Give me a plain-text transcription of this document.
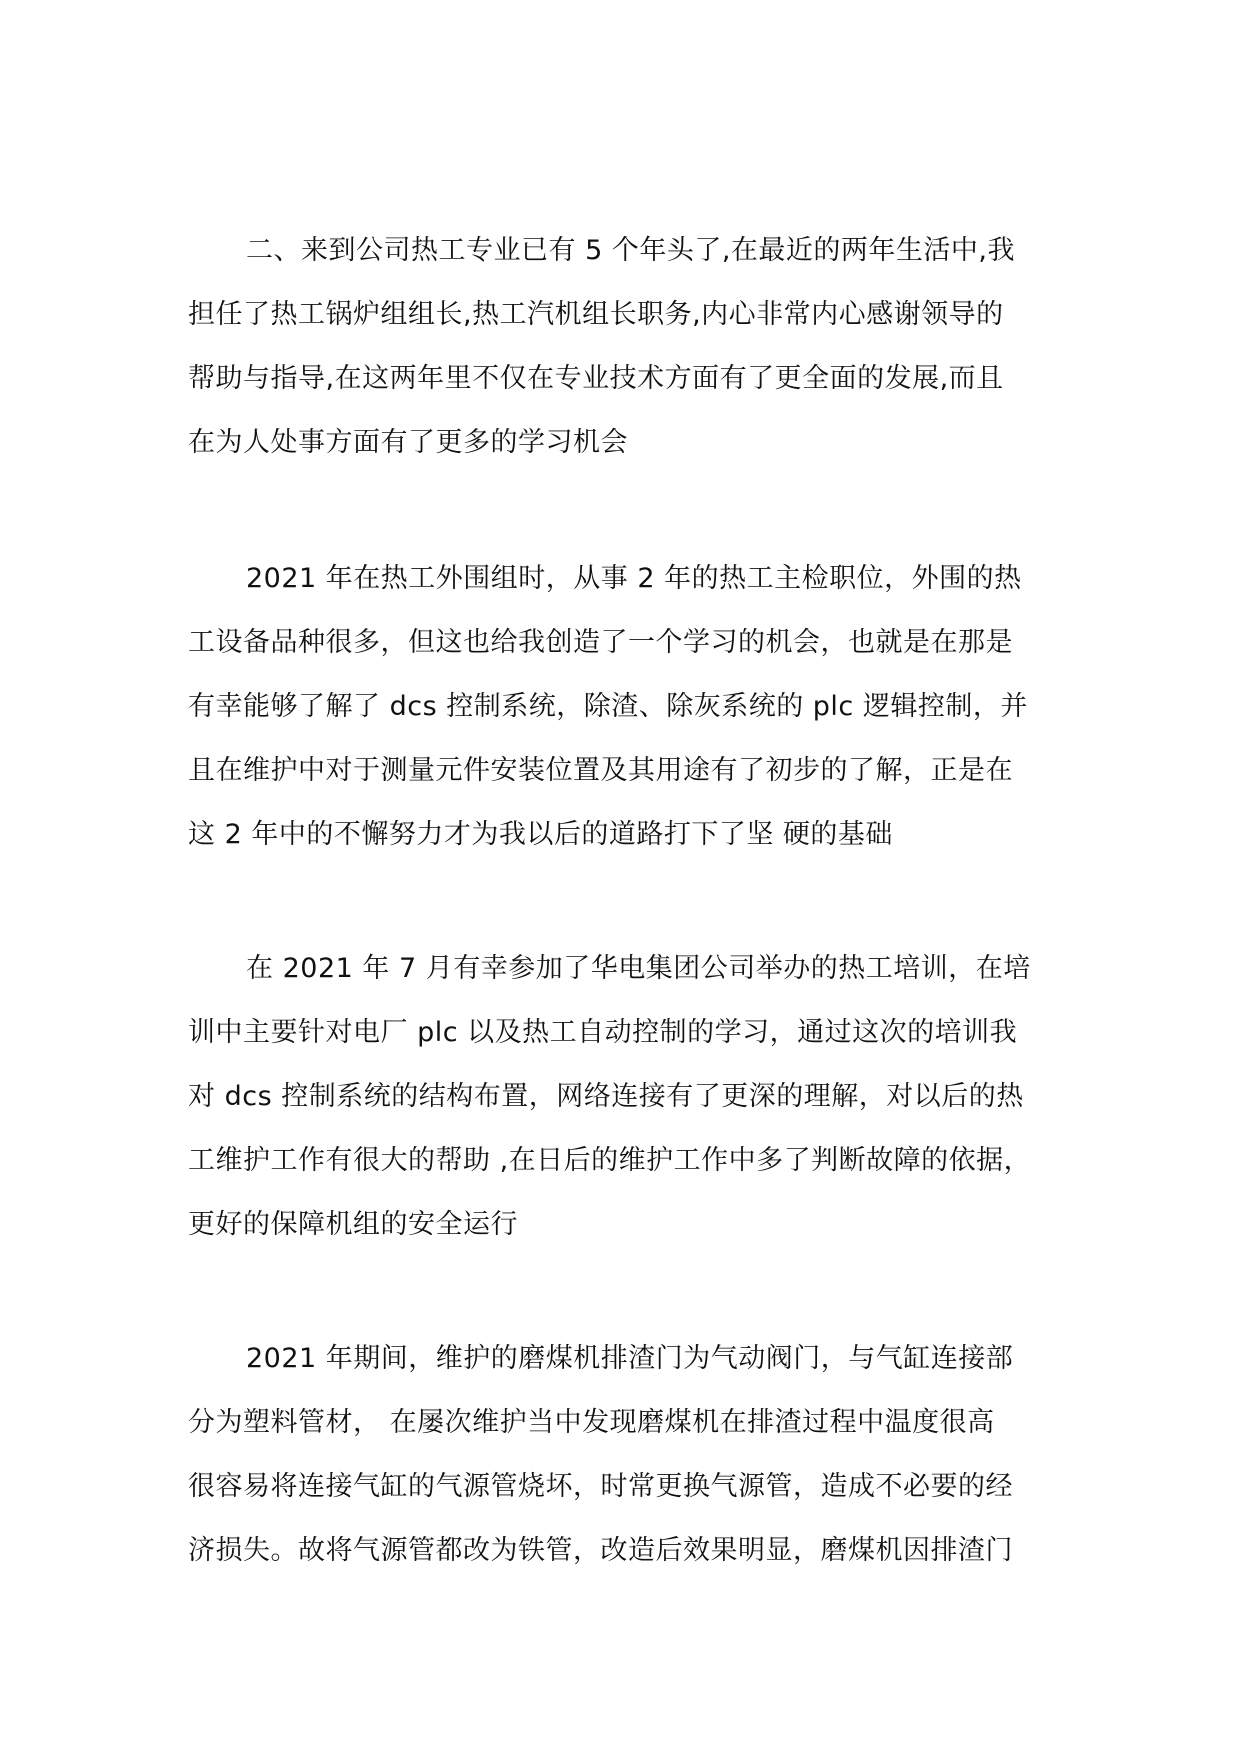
二、来到公司热工专业已有 5 个年头了,在最近的两年生活中,我
担任了热工锅炉组组长,热工汽机组长职务,内心非常内心感谢领导的
帮助与指导,在这两年里不仅在专业技术方面有了更全面的发展,而且
在为人处事方面有了更多的学习机会
2021 年在热工外围组时，从事 2 年的热工主检职位，外围的热
工设备品种很多，但这也给我创造了一个学习的机会，也就是在那是
有幸能够了解了 dcs 控制系统，除渣、除灰系统的 plc 逻辑控制，并
且在维护中对于测量元件安装位置及其用途有了初步的了解，正是在
这 2 年中的不懈努力才为我以后的道路打下了坚 硬的基础
在 2021 年 7 月有幸参加了华电集团公司举办的热工培训，在培
训中主要针对电厂 plc 以及热工自动控制的学习，通过这次的培训我
对 dcs 控制系统的结构布置，网络连接有了更深的理解，对以后的热
工维护工作有很大的帮助 ,在日后的维护工作中多了判断故障的依据，
更好的保障机组的安全运行
2021 年期间，维护的磨煤机排渣门为气动阀门，与气缸连接部
分为塑料管材， 在屡次维护当中发现磨煤机在排渣过程中温度很高
很容易将连接气缸的气源管烧坏，时常更换气源管，造成不必要的经
济损失。故将气源管都改为铁管，改造后效果明显，磨煤机因排渣门
